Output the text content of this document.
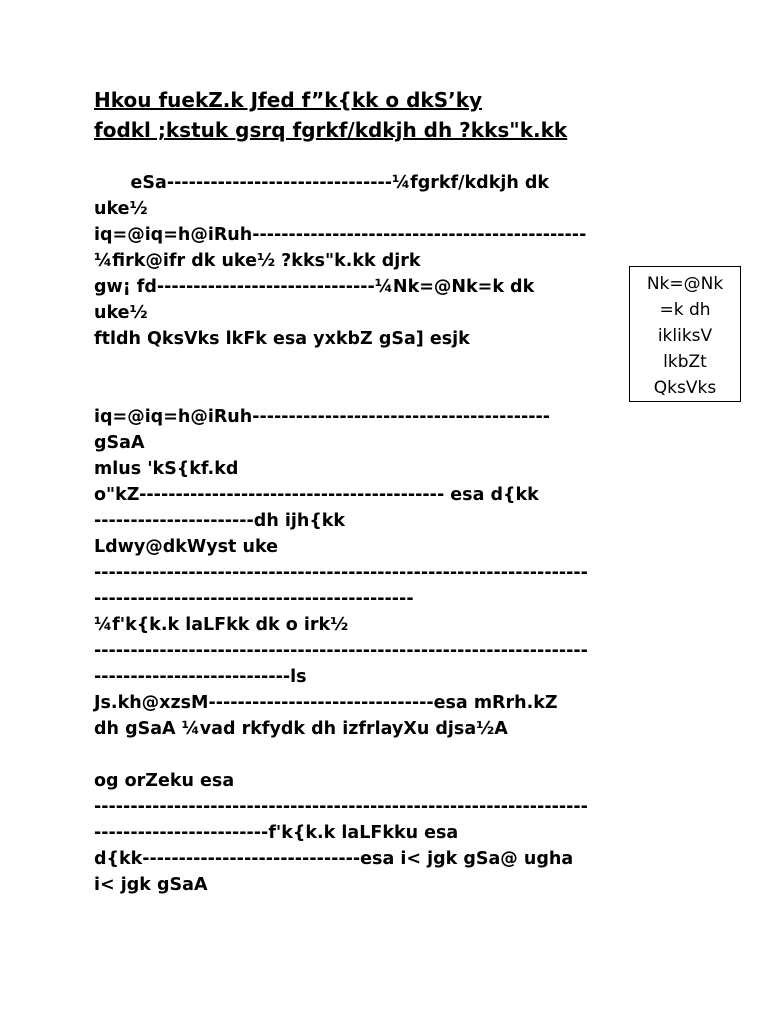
Hkou fuekZ.k Jfed f”k{kk o dkS’ky
fodkl ;kstuk gsrq fgrkf/kdkjh dh ?kks"k.kk
eSa-------------------------------¼fgrkf/kdkjh dk
uke½
iq=@iq=h@iRuh----------------------------------------------
¼firk@ifr dk uke½ ?kks"k.kk djrk
gw¡ fd------------------------------¼Nk=@Nk=k dk
uke½
ftldh QksVks lkFk esa yxkbZ gSa] esjk
iq=@iq=h@iRuh-----------------------------------------
gSaA
mlus 'kS{kf.kd
o"kZ------------------------------------------ esa d{kk
----------------------dh ijh{kk
Ldwy@dkWyst uke
--------------------------------------------------------------------
--------------------------------------------
¼f'k{k.k laLFkk dk o irk½
--------------------------------------------------------------------
---------------------------ls
Js.kh@xzsM-------------------------------esa mRrh.kZ
dh gSaA ¼vad rkfydk dh izfrlayXu djsa½A
og orZeku esa
--------------------------------------------------------------------
------------------------f'k{k.k laLFkku esa
d{kk------------------------------esa i< jgk gSa@ ugha
i< jgk gSaA
Nk=@Nk
=k dh
ikliksV
lkbZt
QksVks
